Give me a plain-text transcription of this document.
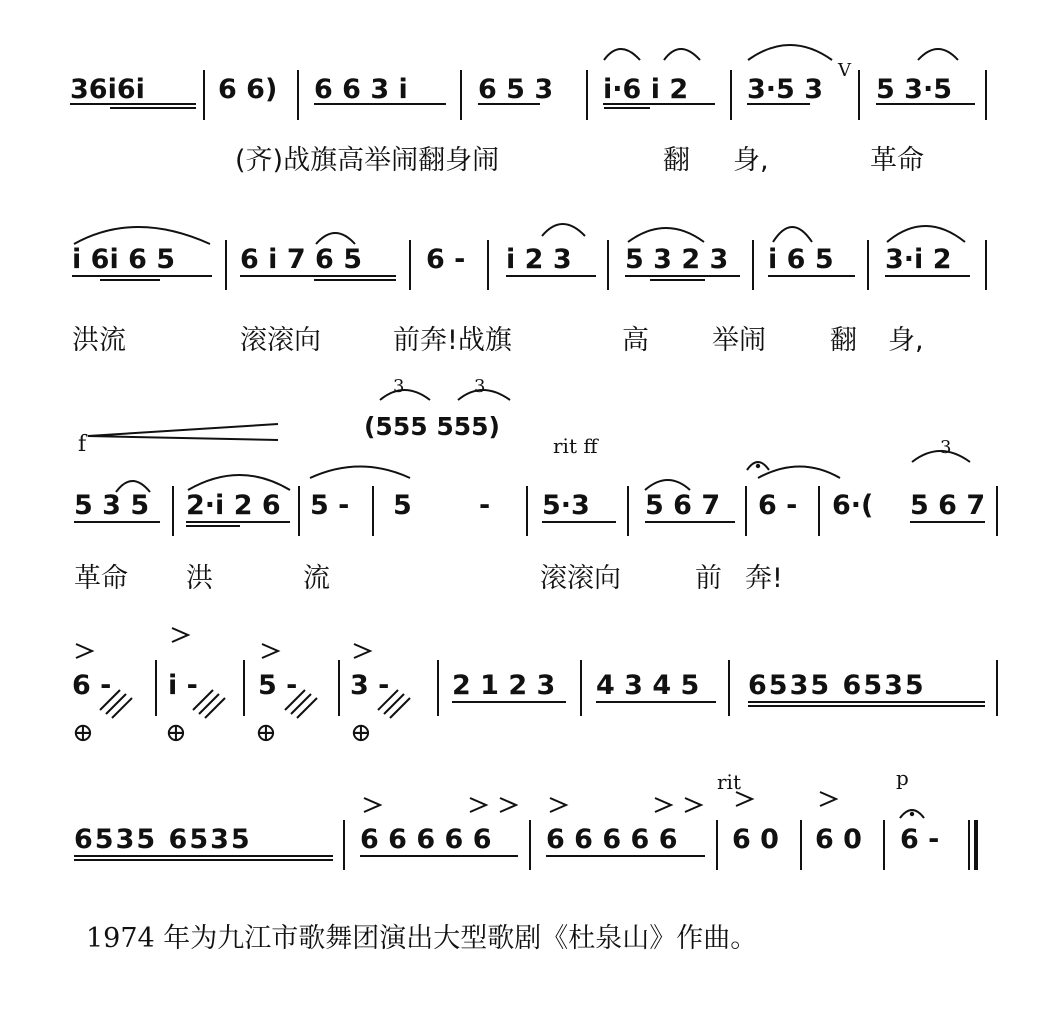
36i6i	6 6) 6 6 3 i	6 5 3 i·6 i 2 3·5 3
V
5 3·5
(齐)战旗高举闹翻身闹	翻 身,	革命
i 6i 6 5 6 i 7 6 5 6 - i 2 3 5 3 2 3 i 6 5 3·i 2
洪流	滚滚向	前奔!战旗	高 举闹 翻 身,
f
3	3
(555 555)
rit ff	3
5 3 5 2·i 2 6 5 - 5 - 5·3 5 6 7 6 - 6·( 5 6 7
革命 洪	流	滚滚向	前 奔!
6 - i - 5 - 3 - 2 1 2 3 4 3 4 5 6535 6535
⊕	⊕	⊕	⊕
rit	p
6535 6535	6 6 6 6 6 6 6 6 6 6 6 0 6 0 6 -
1974 年为九江市歌舞团演出大型歌剧《杜泉山》作曲。
